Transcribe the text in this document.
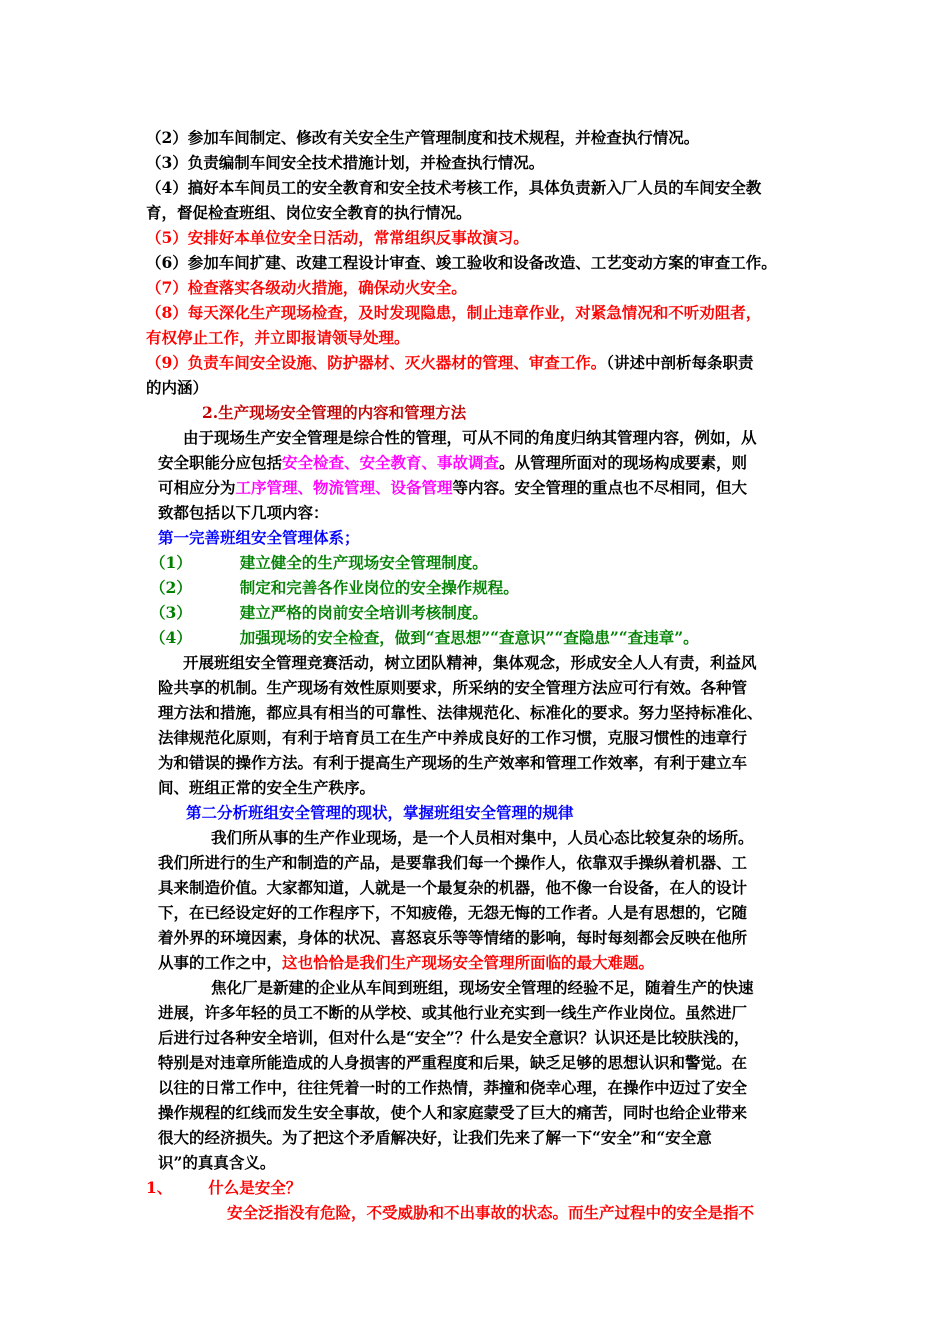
（2）参加车间制定、修改有关安全生产管理制度和技术规程，并检查执行情况。
（3）负责编制车间安全技术措施计划，并检查执行情况。
（4）搞好本车间员工的安全教育和安全技术考核工作，具体负责新入厂人员的车间安全教
育，督促检查班组、岗位安全教育的执行情况。
（5）安排好本单位安全日活动，常常组织反事故演习。
（6）参加车间扩建、改建工程设计审查、竣工验收和设备改造、工艺变动方案的审查工作。
（7）检查落实各级动火措施，确保动火安全。
（8）每天深化生产现场检查，及时发现隐患，制止违章作业，对紧急情况和不听劝阻者，
有权停止工作，并立即报请领导处理。
（9）负责车间安全设施、防护器材、灭火器材的管理、审查工作。（讲述中剖析每条职责
的内涵）
2.生产现场安全管理的内容和管理方法
由于现场生产安全管理是综合性的管理，可从不同的角度归纳其管理内容，例如，从
安全职能分应包括安全检查、安全教育、事故调查。从管理所面对的现场构成要素，则
可相应分为工序管理、物流管理、设备管理等内容。安全管理的重点也不尽相同，但大
致都包括以下几项内容：
第一完善班组安全管理体系；
（1）	建立健全的生产现场安全管理制度。
（2）	制定和完善各作业岗位的安全操作规程。
（3）	建立严格的岗前安全培训考核制度。
（4）	加强现场的安全检查，做到“查思想”“查意识”“查隐患”“查违章”。
开展班组安全管理竞赛活动，树立团队精神，集体观念，形成安全人人有责，利益风
险共享的机制。生产现场有效性原则要求，所采纳的安全管理方法应可行有效。各种管
理方法和措施，都应具有相当的可靠性、法律规范化、标准化的要求。努力坚持标准化、
法律规范化原则，有利于培育员工在生产中养成良好的工作习惯，克服习惯性的违章行
为和错误的操作方法。有利于提高生产现场的生产效率和管理工作效率，有利于建立车
间、班组正常的安全生产秩序。
第二分析班组安全管理的现状，掌握班组安全管理的规律
我们所从事的生产作业现场，是一个人员相对集中，人员心态比较复杂的场所。
我们所进行的生产和制造的产品，是要靠我们每一个操作人，依靠双手操纵着机器、工
具来制造价值。大家都知道，人就是一个最复杂的机器，他不像一台设备，在人的设计
下，在已经设定好的工作程序下，不知疲倦，无怨无悔的工作者。人是有思想的，它随
着外界的环境因素，身体的状况、喜怒哀乐等等情绪的影响，每时每刻都会反映在他所
从事的工作之中，这也恰恰是我们生产现场安全管理所面临的最大难题。
焦化厂是新建的企业从车间到班组，现场安全管理的经验不足，随着生产的快速
进展，许多年轻的员工不断的从学校、或其他行业充实到一线生产作业岗位。虽然进厂
后进行过各种安全培训，但对什么是“安全”？什么是安全意识？认识还是比较肤浅的，
特别是对违章所能造成的人身损害的严重程度和后果，缺乏足够的思想认识和警觉。在
以往的日常工作中，往往凭着一时的工作热情，莽撞和侥幸心理，在操作中迈过了安全
操作规程的红线而发生安全事故，使个人和家庭蒙受了巨大的痛苦，同时也给企业带来
很大的经济损失。为了把这个矛盾解决好，让我们先来了解一下“安全”和“安全意
识”的真真含义。
1、 什么是安全？
安全泛指没有危险，不受威胁和不出事故的状态。而生产过程中的安全是指不
